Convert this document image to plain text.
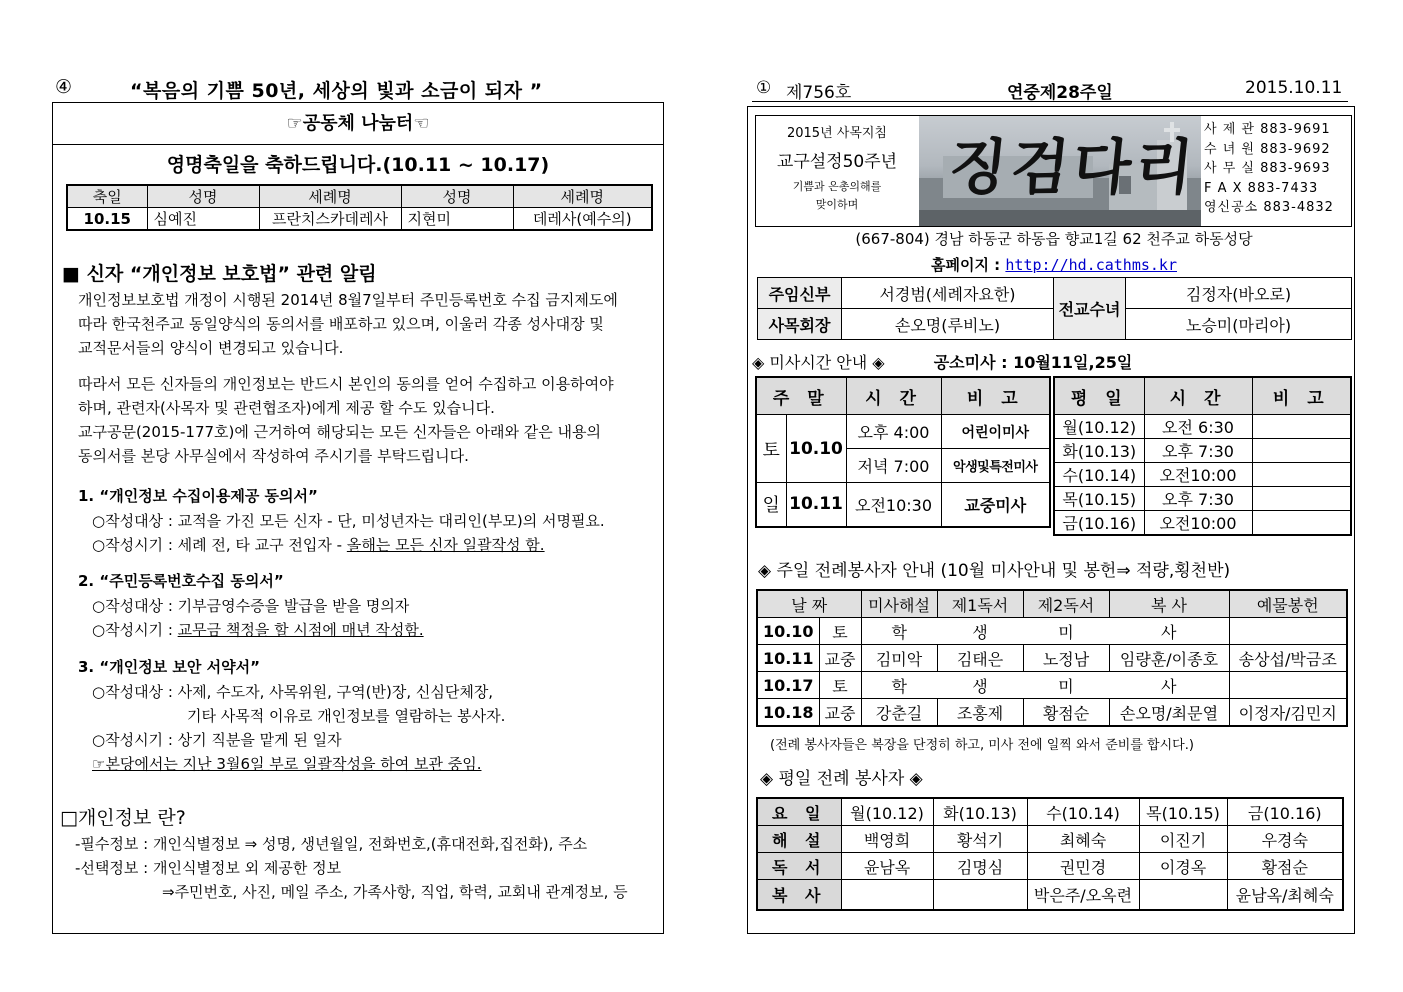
④	“복음의 기쁨 50년, 세상의 빛과 소금이 되자 ”
☞공동체 나눔터☜
영명축일을 축하드립니다.(10.11 ~ 10.17)
축일	성명	세례명	성명	세례명
10.15	심예진	프란치스카데레사	지현미	데레사(예수의)
■ 신자 “개인정보 보호법” 관련 알림
개인정보보호법 개정이 시행된 2014년 8월7일부터 주민등록번호 수집 금지제도에
따라 한국천주교 동일양식의 동의서를 배포하고 있으며, 이울러 각종 성사대장 및
교적문서들의 양식이 변경되고 있습니다.
따라서 모든 신자들의 개인정보는 반드시 본인의 동의를 얻어 수집하고 이용하여야
하며, 관련자(사목자 및 관련협조자)에게 제공 할 수도 있습니다.
교구공문(2015-177호)에 근거하여 해당되는 모든 신자들은 아래와 같은 내용의
동의서를 본당 사무실에서 작성하여 주시기를 부탁드립니다.
1. “개인정보 수집이용제공 동의서”
○작성대상 : 교적을 가진 모든 신자 - 단, 미성년자는 대리인(부모)의 서명필요.
○작성시기 : 세례 전, 타 교구 전입자 - 올해는 모든 신자 일괄작성 함.
2. “주민등록번호수집 동의서”
○작성대상 : 기부금영수증을 발급을 받을 명의자
○작성시기 : 교무금 책정을 할 시점에 매년 작성함.
3. “개인정보 보안 서약서”
○작성대상 : 사제, 수도자, 사목위원, 구역(반)장, 신심단체장,
기타 사목적 이유로 개인정보를 열람하는 봉사자.
○작성시기 : 상기 직분을 맡게 된 일자
☞본당에서는 지난 3월6일 부로 일괄작성을 하여 보관 중임.
□개인정보 란?
-필수정보 : 개인식별정보 ⇒ 성명, 생년월일, 전화번호,(휴대전화,집전화), 주소
-선택정보 : 개인식별정보 외 제공한 정보
⇒주민번호, 사진, 메일 주소, 가족사항, 직업, 학력, 교회내 관계정보, 등
① 제756호	연중제28주일	2015.10.11
2015년 사목지침
교구설정50주년
기쁨과 은총의해를
맞이하며
징검다리
사 제 관 883-9691
수 녀 원 883-9692
사 무 실 883-9693
F A X 883-7433
영신공소 883-4832
(667-804) 경남 하동군 하동읍 향교1길 62 천주교 하동성당
홈페이지 : http://hd.cathms.kr
주임신부	서경범(세례자요한)	전교수녀	김정자(바오로)
사목회장	손오명(루비노)		노승미(마리아)
◈ 미사시간 안내 ◈	공소미사 : 10월11일,25일
주 말		시 간	비 고
토	10.10	오후 4:00	어린이미사
		저녁 7:00	악생및특전미사
일	10.11	오전10:30	교중미사
평 일	시 간	비 고
월(10.12)	오전 6:30	
화(10.13)	오후 7:30	
수(10.14)	오전10:00	
목(10.15)	오후 7:30	
금(10.16)	오전10:00	
◈ 주일 전례봉사자 안내 (10월 미사안내 및 봉헌⇒ 적량,횡천반)
날 짜		미사해설	제1독서	제2독서	복 사	예물봉헌
10.10	토	학	생	미	사	
10.11	교중	김미악	김태은	노정남	임량훈/이종호	송상섭/박금조
10.17	토	학	생	미	사	
10.18	교중	강춘길	조홍제	황점순	손오명/최문열	이정자/김민지
(전례 봉사자들은 복장을 단정히 하고, 미사 전에 일찍 와서 준비를 합시다.)
◈ 평일 전례 봉사자 ◈
요 일	월(10.12)	화(10.13)	수(10.14)	목(10.15)	금(10.16)
해 설	백영희	황석기	최혜숙	이진기	우경숙
독 서	윤남옥	김명심	권민경	이경옥	황점순
복 사			박은주/오옥련		윤남옥/최혜숙
